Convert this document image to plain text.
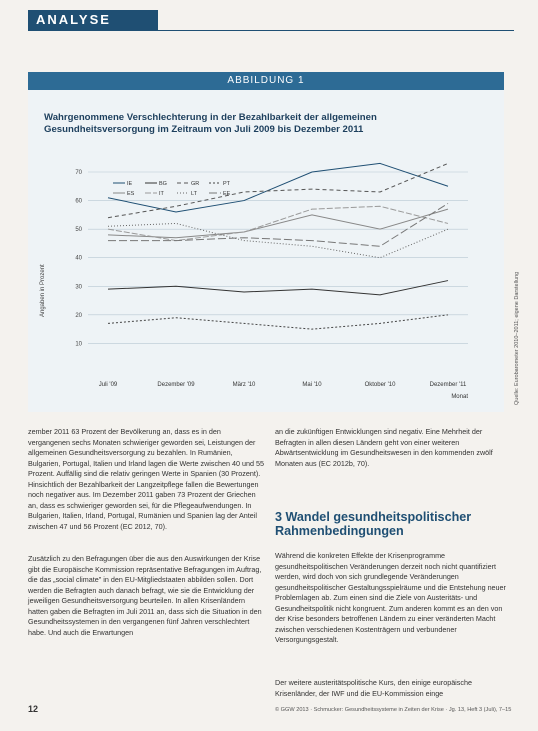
ANALYSE
ABBILDUNG 1
Wahrgenommene Verschlechterung in der Bezahlbarkeit der allgemeinen Gesundheitsversorgung im Zeitraum von Juli 2009 bis Dezember 2011
10
20
30
40
50
60
70
Juli '09	Dezember '09	März '10	Mai '10	Oktober '10	Dezember '11
Monat
IE	BG	GR	PT
ES	IT	LT	EE
Angaben in Prozent	Quelle: Eurobarometer 2010–2011; eigene Darstellung
zember 2011 63 Prozent der Bevölkerung an, dass es in den vergangenen sechs Monaten schwieriger geworden sei, Leistungen der allgemeinen Gesundheitsversorgung zu bezahlen. In Rumänien, Bulgarien, Portugal, Italien und Irland lagen die Werte zwischen 40 und 55 Prozent. Auffällig sind die relativ geringen Werte in Spanien (30 Prozent). Hinsichtlich der Bezahlbarkeit der Langzeitpflege fallen die Bewertungen noch negativer aus. Im Dezember 2011 gaben 73 Prozent der Griechen an, dass es schwieriger geworden sei, für die Pflegeaufwendungen. In Bulgarien, Italien, Irland, Portugal, Rumänien und Spanien lag der Anteil zwischen 47 und 56 Prozent (EC 2012, 70).
Zusätzlich zu den Befragungen über die aus den Auswirkungen der Krise gibt die Europäische Kommission repräsentative Befragungen im Auftrag, die das „social climate" in den EU-Mitgliedstaaten abbilden sollen. Dort werden die Befragten auch danach befragt, wie sie die Entwicklung der jeweiligen Gesundheitsversorgung beurteilen. In allen Krisenländern hatten gaben die Befragten im Juli 2011 an, dass sich die Situation in den Gesundheitssystemen in den vergangenen fünf Jahren verschlechtert habe. Und auch die Erwartungen
an die zukünftigen Entwicklungen sind negativ. Eine Mehrheit der Befragten in allen diesen Ländern geht von einer weiteren Abwärtsentwicklung im Gesundheitswesen in den kommenden zwölf Monaten aus (EC 2012b, 70).
3 Wandel gesundheitspolitischer Rahmenbedingungen
Während die konkreten Effekte der Krisenprogramme gesundheitspolitischen Veränderungen derzeit noch nicht quantifiziert werden, wird doch von sich grundlegende Veränderungen gesundheitspolitischer Gestaltungsspielräume und die Entstehung neuer Problemlagen ab. Zum einen sind die Ziele von Austeritäts- und Gesundheitspolitik nicht kongruent. Zum anderen kommt es an den von der Krise besonders betroffenen Ländern zu einer veränderten Macht zwischen verschiedenen Kostenträgern und verbundener Versorgungsgestalt.
Der weitere austeritätspolitische Kurs, den einige europäische Krisenländer, der IWF und die EU-Kommission einge
12	© GGW 2013 · Schmucker: Gesundheitssysteme in Zeiten der Krise · Jg. 13, Heft 3 (Juli), 7–15
